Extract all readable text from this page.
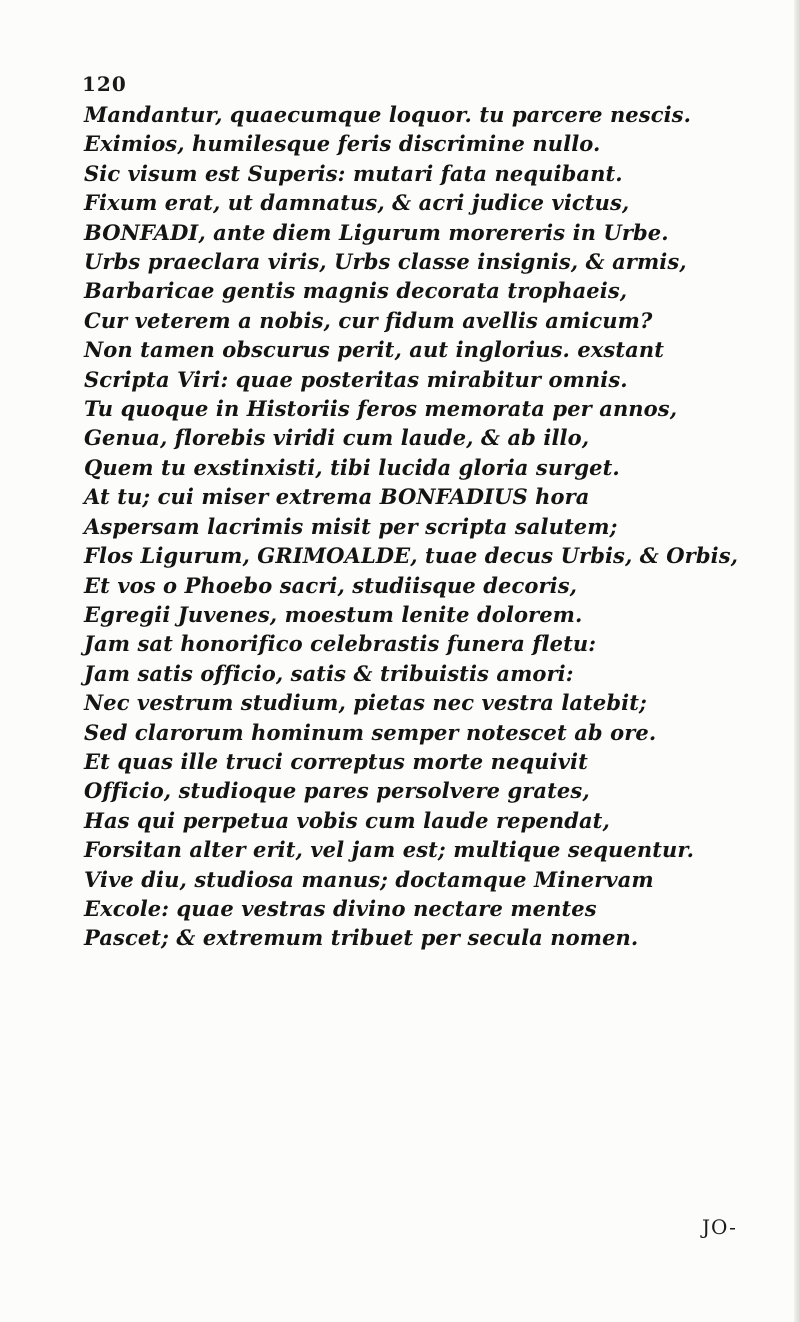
120
Mandantur, quaecumque loquor. tu parcere nescis.
Eximios, humilesque feris discrimine nullo.
Sic visum est Superis: mutari fata nequibant.
Fixum erat, ut damnatus, & acri judice victus,
BONFADI, ante diem Ligurum morereris in Urbe.
Urbs praeclara viris, Urbs classe insignis, & armis,
Barbaricae gentis magnis decorata trophaeis,
Cur veterem a nobis, cur fidum avellis amicum?
Non tamen obscurus perit, aut inglorius. exstant
Scripta Viri: quae posteritas mirabitur omnis.
Tu quoque in Historiis feros memorata per annos,
Genua, florebis viridi cum laude, & ab illo,
Quem tu exstinxisti, tibi lucida gloria surget.
At tu; cui miser extrema BONFADIUS hora
Aspersam lacrimis misit per scripta salutem;
Flos Ligurum, GRIMOALDE, tuae decus Urbis, & Orbis,
Et vos o Phoebo sacri, studiisque decoris,
Egregii Juvenes, moestum lenite dolorem.
Jam sat honorifico celebrastis funera fletu:
Jam satis officio, satis & tribuistis amori:
Nec vestrum studium, pietas nec vestra latebit;
Sed clarorum hominum semper notescet ab ore.
Et quas ille truci correptus morte nequivit
Officio, studioque pares persolvere grates,
Has qui perpetua vobis cum laude rependat,
Forsitan alter erit, vel jam est; multique sequentur.
Vive diu, studiosa manus; doctamque Minervam
Excole: quae vestras divino nectare mentes
Pascet; & extremum tribuet per secula nomen.
JO-
